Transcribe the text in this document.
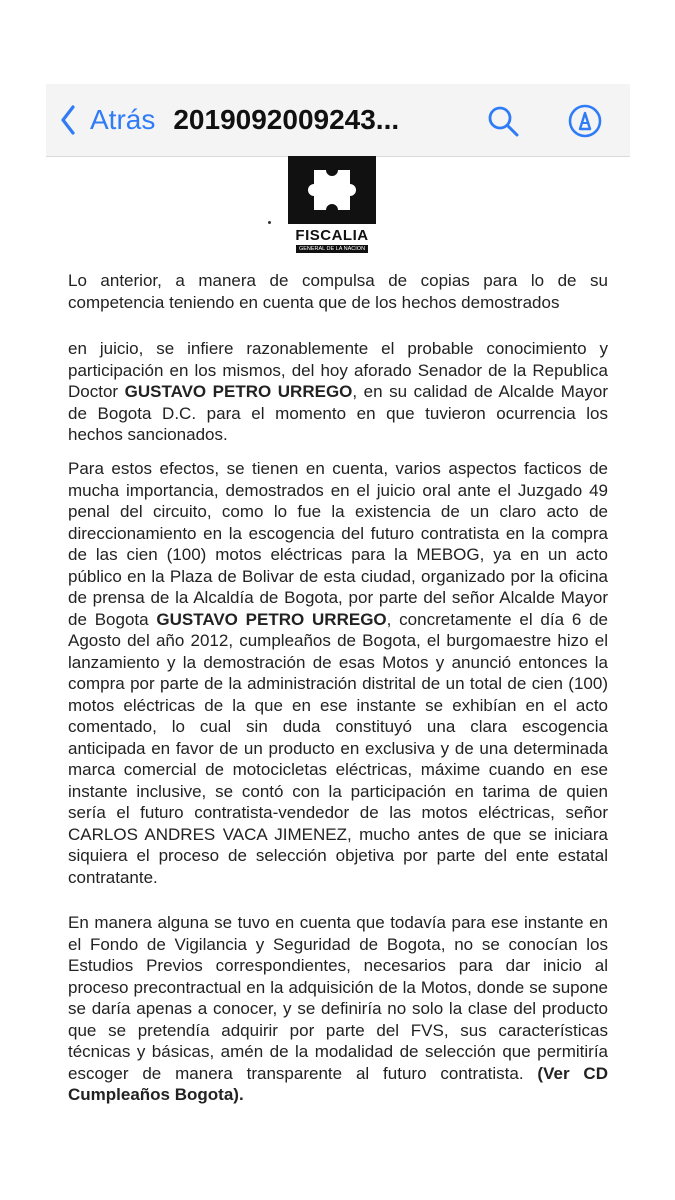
Atrás 2019092009243...
FISCALIA
GENERAL DE LA NACION
Lo anterior, a manera de compulsa de copias para lo de su competencia teniendo en cuenta que de los hechos demostrados
en juicio, se infiere razonablemente el probable conocimiento y participación en los mismos, del hoy aforado Senador de la Republica Doctor GUSTAVO PETRO URREGO, en su calidad de Alcalde Mayor de Bogota D.C. para el momento en que tuvieron ocurrencia los hechos sancionados.
Para estos efectos, se tienen en cuenta, varios aspectos facticos de mucha importancia, demostrados en el juicio oral ante el Juzgado 49 penal del circuito, como lo fue la existencia de un claro acto de direccionamiento en la escogencia del futuro contratista en la compra de las cien (100) motos eléctricas para la MEBOG, ya en un acto público en la Plaza de Bolivar de esta ciudad, organizado por la oficina de prensa de la Alcaldía de Bogota, por parte del señor Alcalde Mayor de Bogota GUSTAVO PETRO URREGO, concretamente el día 6 de Agosto del año 2012, cumpleaños de Bogota, el burgomaestre hizo el lanzamiento y la demostración de esas Motos y anunció entonces la compra por parte de la administración distrital de un total de cien (100) motos eléctricas de la que en ese instante se exhibían en el acto comentado, lo cual sin duda constituyó una clara escogencia anticipada en favor de un producto en exclusiva y de una determinada marca comercial de motocicletas eléctricas, máxime cuando en ese instante inclusive, se contó con la participación en tarima de quien sería el futuro contratista-vendedor de las motos eléctricas, señor CARLOS ANDRES VACA JIMENEZ, mucho antes de que se iniciara siquiera el proceso de selección objetiva por parte del ente estatal contratante.
En manera alguna se tuvo en cuenta que todavía para ese instante en el Fondo de Vigilancia y Seguridad de Bogota, no se conocían los Estudios Previos correspondientes, necesarios para dar inicio al proceso precontractual en la adquisición de la Motos, donde se supone se daría apenas a conocer, y se definiría no solo la clase del producto que se pretendía adquirir por parte del FVS, sus características técnicas y básicas, amén de la modalidad de selección que permitiría escoger de manera transparente al futuro contratista. (Ver CD Cumpleaños Bogota).
